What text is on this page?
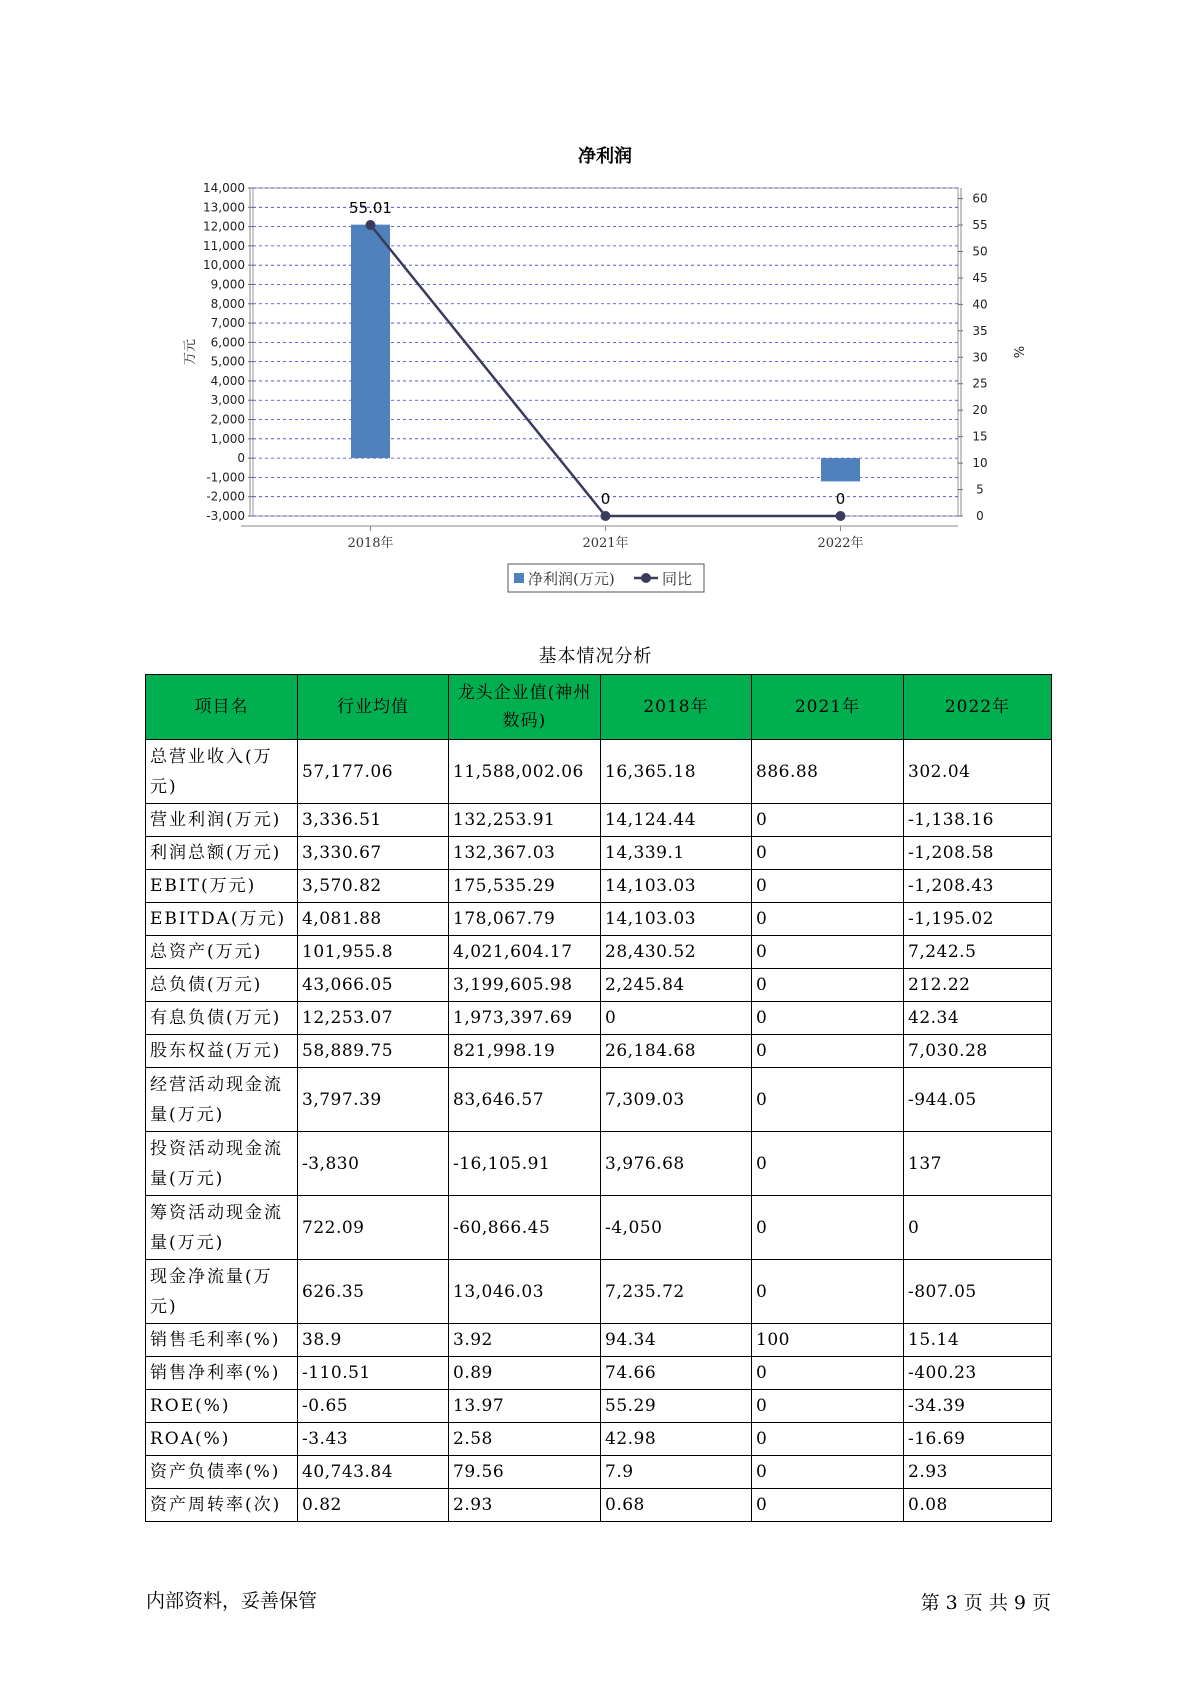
14,000
13,000
12,000
11,000
10,000
9,000
8,000
7,000
6,000
5,000
4,000
3,000
2,000
1,000
0
-1,000
-2,000
-3,000
60
55
50
45
40
35
30
25
20
15
10
5
0
2018年	2021年	2022年
55.01
0	0
净利润
万元	%
净利润(万元)	同比
基本情况分析
项目名	行业均值	龙头企业值(神州数码)	2018年	2021年	2022年
总营业收入(万元)	57,177.06	11,588,002.06	16,365.18	886.88	302.04
营业利润(万元)	3,336.51	132,253.91	14,124.44	0	-1,138.16
利润总额(万元)	3,330.67	132,367.03	14,339.1	0	-1,208.58
EBIT(万元)	3,570.82	175,535.29	14,103.03	0	-1,208.43
EBITDA(万元)	4,081.88	178,067.79	14,103.03	0	-1,195.02
总资产(万元)	101,955.8	4,021,604.17	28,430.52	0	7,242.5
总负债(万元)	43,066.05	3,199,605.98	2,245.84	0	212.22
有息负债(万元)	12,253.07	1,973,397.69	0	0	42.34
股东权益(万元)	58,889.75	821,998.19	26,184.68	0	7,030.28
经营活动现金流量(万元)	3,797.39	83,646.57	7,309.03	0	-944.05
投资活动现金流量(万元)	-3,830	-16,105.91	3,976.68	0	137
筹资活动现金流量(万元)	722.09	-60,866.45	-4,050	0	0
现金净流量(万元)	626.35	13,046.03	7,235.72	0	-807.05
销售毛利率(%)	38.9	3.92	94.34	100	15.14
销售净利率(%)	-110.51	0.89	74.66	0	-400.23
ROE(%)	-0.65	13.97	55.29	0	-34.39
ROA(%)	-3.43	2.58	42.98	0	-16.69
资产负债率(%)	40,743.84	79.56	7.9	0	2.93
资产周转率(次)	0.82	2.93	0.68	0	0.08
内部资料，妥善保管	第 3 页 共 9 页
